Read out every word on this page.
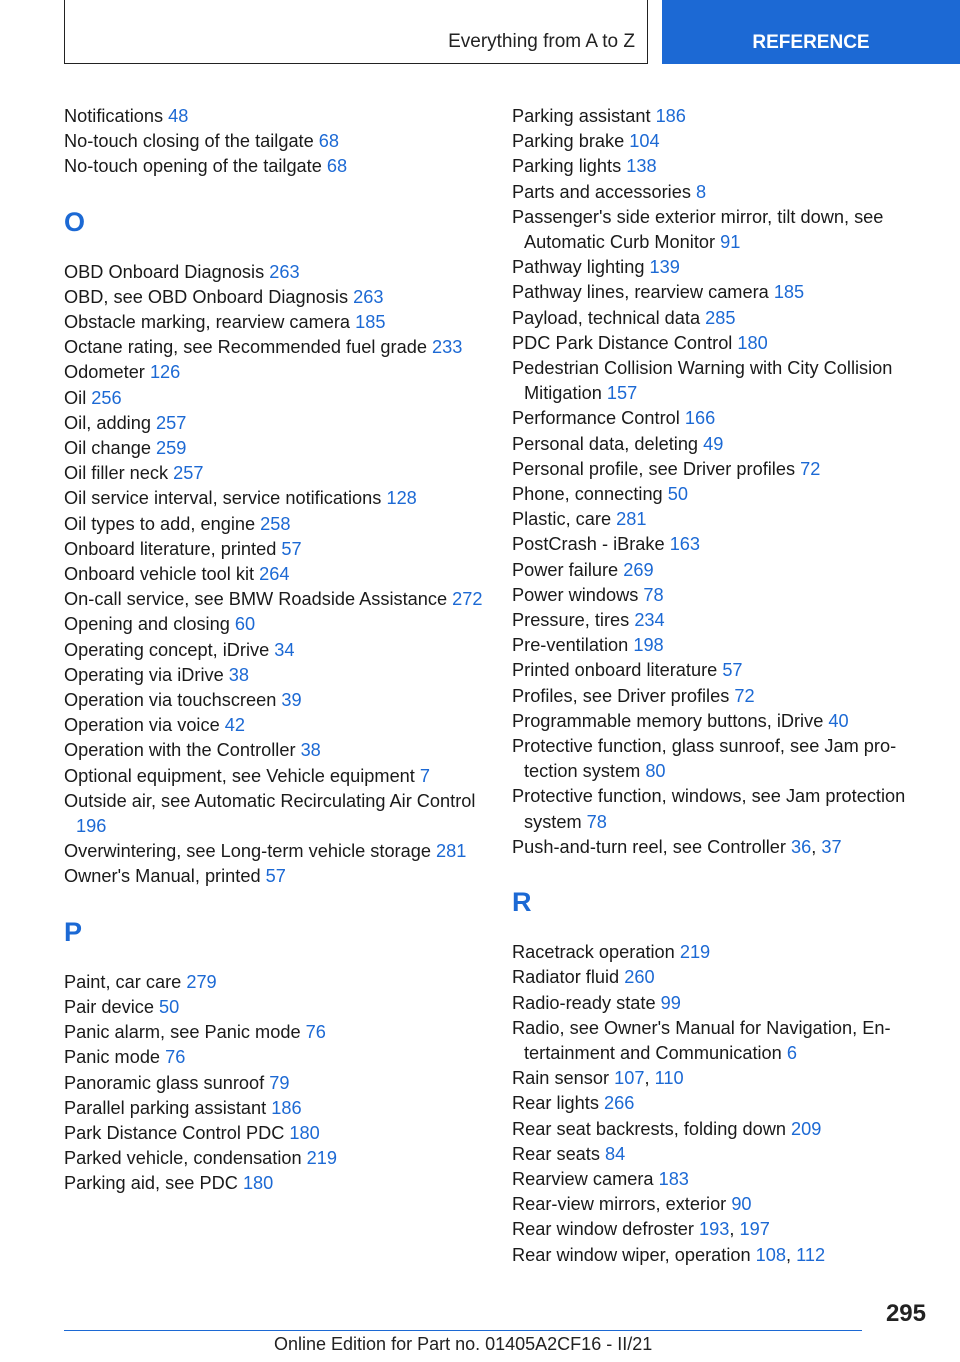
Everything from A to Z	REFERENCE
Notifications 48
No-touch closing of the tailgate 68
No-touch opening of the tailgate 68
O
OBD Onboard Diagnosis 263
OBD, see OBD Onboard Diagnosis 263
Obstacle marking, rearview camera 185
Octane rating, see Recommended fuel grade 233
Odometer 126
Oil 256
Oil, adding 257
Oil change 259
Oil filler neck 257
Oil service interval, service notifications 128
Oil types to add, engine 258
Onboard literature, printed 57
Onboard vehicle tool kit 264
On-call service, see BMW Roadside Assistance 272
Opening and closing 60
Operating concept, iDrive 34
Operating via iDrive 38
Operation via touchscreen 39
Operation via voice 42
Operation with the Controller 38
Optional equipment, see Vehicle equipment 7
Outside air, see Automatic Recirculating Air Control 196
Overwintering, see Long-term vehicle storage 281
Owner's Manual, printed 57
P
Paint, car care 279
Pair device 50
Panic alarm, see Panic mode 76
Panic mode 76
Panoramic glass sunroof 79
Parallel parking assistant 186
Park Distance Control PDC 180
Parked vehicle, condensation 219
Parking aid, see PDC 180
Parking assistant 186
Parking brake 104
Parking lights 138
Parts and accessories 8
Passenger's side exterior mirror, tilt down, see Automatic Curb Monitor 91
Pathway lighting 139
Pathway lines, rearview camera 185
Payload, technical data 285
PDC Park Distance Control 180
Pedestrian Collision Warning with City Collision Mitigation 157
Performance Control 166
Personal data, deleting 49
Personal profile, see Driver profiles 72
Phone, connecting 50
Plastic, care 281
PostCrash - iBrake 163
Power failure 269
Power windows 78
Pressure, tires 234
Pre-ventilation 198
Printed onboard literature 57
Profiles, see Driver profiles 72
Programmable memory buttons, iDrive 40
Protective function, glass sunroof, see Jam protection system 80
Protective function, windows, see Jam protection system 78
Push-and-turn reel, see Controller 36, 37
R
Racetrack operation 219
Radiator fluid 260
Radio-ready state 99
Radio, see Owner's Manual for Navigation, Entertainment and Communication 6
Rain sensor 107, 110
Rear lights 266
Rear seat backrests, folding down 209
Rear seats 84
Rearview camera 183
Rear-view mirrors, exterior 90
Rear window defroster 193, 197
Rear window wiper, operation 108, 112
295
Online Edition for Part no. 01405A2CF16 - II/21
